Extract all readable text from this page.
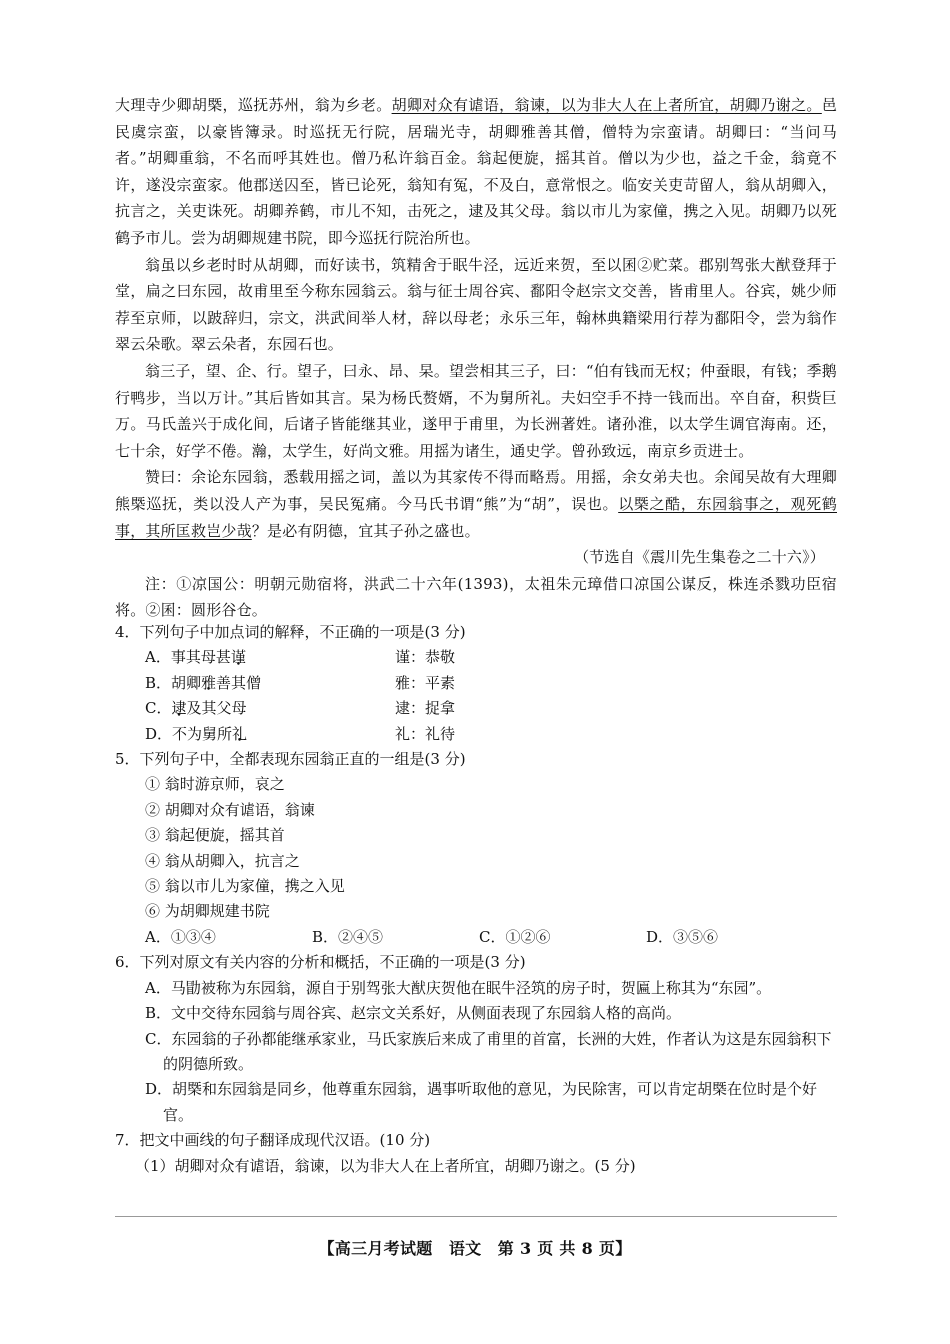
大理寺少卿胡槩，巡抚苏州，翁为乡老。胡卿对众有谑语，翁谏，以为非大人在上者所宜，胡卿乃谢之。邑民虞宗蛮，以豪皆簿录。时巡抚无行院，居瑞光寺，胡卿雅善其僧，僧特为宗蛮请。胡卿曰：“当问马者。”胡卿重翁，不名而呼其姓也。僧乃私许翁百金。翁起便旋，摇其首。僧以为少也，益之千金，翁竟不许，遂没宗蛮家。他郡送囚至，皆已论死，翁知有冤，不及白，意常恨之。临安关吏苛留人，翁从胡卿入，抗言之，关吏诛死。胡卿养鹤，市儿不知，击死之，逮及其父母。翁以市儿为家僮，携之入见。胡卿乃以死鹤予市儿。尝为胡卿规建书院，即今巡抚行院治所也。

翁虽以乡老时时从胡卿，而好读书，筑精舍于眠牛泾，远近来贺，至以囷②贮菜。郡别驾张大猷登拜于堂，扁之曰东园，故甫里至今称东园翁云。翁与征士周谷宾、鄱阳令赵宗文交善，皆甫里人。谷宾，姚少师荐至京师，以跛辞归，宗文，洪武间举人材，辞以母老；永乐三年，翰林典籍梁用行荐为鄱阳令，尝为翁作翠云朵歌。翠云朵者，东园石也。

翁三子，望、企、行。望子，曰永、昂、杲。望尝相其三子，曰：“伯有钱而无权；仲蚕眼，有钱；季鹅行鸭步，当以万计。”其后皆如其言。杲为杨氏赘婿，不为舅所礼。夫妇空手不持一钱而出。卒自奋，积赀巨万。马氏盖兴于成化间，后诸子皆能继其业，遂甲于甫里，为长洲著姓。诸孙淮，以太学生调官海南。还，七十余，好学不倦。瀚，太学生，好尚文雅。用摇为诸生，通史学。曾孙致远，南京乡贡进士。

赞曰：余论东园翁，悉载用摇之词，盖以为其家传不得而略焉。用摇，余女弟夫也。余闻吴故有大理卿熊槩巡抚，类以没人产为事，吴民冤痛。今马氏书谓“熊”为“胡”，误也。以槩之酷，东园翁事之，观死鹤事，其所匡救岂少哉？是必有阴德，宜其子孙之盛也。

（节选自《震川先生集卷之二十六》）

注：①凉国公：明朝元勋宿将，洪武二十六年(1393)，太祖朱元璋借口凉国公谋反，株连杀戮功臣宿将。②囷：圆形谷仓。

4．下列句子中加点词的解释，不正确的一项是(3 分)

A．事其母甚谨	谨：恭敬
B．胡卿雅善其僧	雅：平素
C．逮及其父母	逮：捉拿
D．不为舅所礼	礼：礼待

5．下列句子中，全都表现东园翁正直的一组是(3 分)

① 翁时游京师，哀之
② 胡卿对众有谑语，翁谏
③ 翁起便旋，摇其首
④ 翁从胡卿入，抗言之
⑤ 翁以市儿为家僮，携之入见
⑥ 为胡卿规建书院
A．①③④	B．②④⑤	C．①②⑥	D．③⑤⑥

6．下列对原文有关内容的分析和概括，不正确的一项是(3 分)

A．马勖被称为东园翁，源自于别驾张大猷庆贺他在眠牛泾筑的房子时，贺匾上称其为“东园”。
B．文中交待东园翁与周谷宾、赵宗文关系好，从侧面表现了东园翁人格的高尚。
C．东园翁的子孙都能继承家业，马氏家族后来成了甫里的首富，长洲的大姓，作者认为这是东园翁积下的阴德所致。
D．胡槩和东园翁是同乡，他尊重东园翁，遇事听取他的意见，为民除害，可以肯定胡槩在位时是个好官。

7．把文中画线的句子翻译成现代汉语。(10 分)

（1）胡卿对众有谑语，翁谏，以为非大人在上者所宜，胡卿乃谢之。(5 分)
【高三月考试题　语文　第 3 页 共 8 页】
